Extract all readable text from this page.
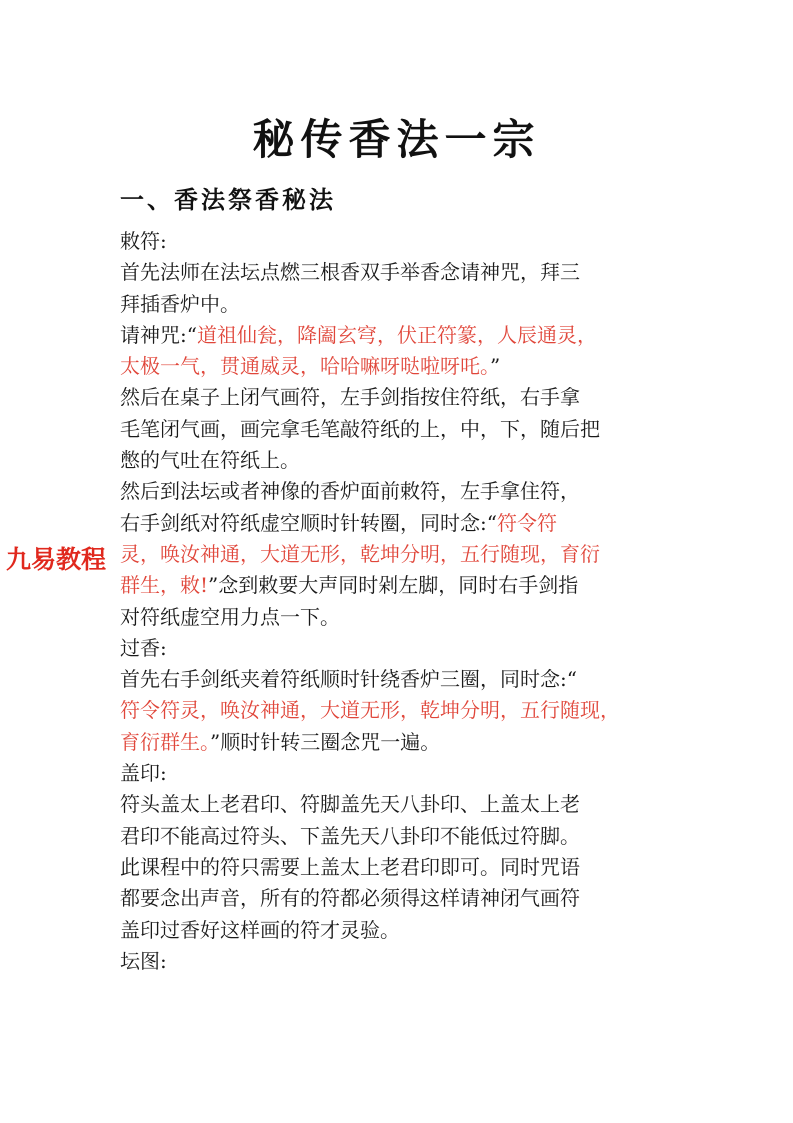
秘传香法一宗
一、香法祭香秘法

敕符:

首先法师在法坛点燃三根香双手举香念请神咒，拜三

拜插香炉中。

请神咒:“道祖仙瓮，降阖玄穹，伏正符篆，人辰通灵，

太极一气，贯通威灵，哈哈嘛呀哒啦呀吒。”

然后在桌子上闭气画符，左手剑指按住符纸，右手拿

毛笔闭气画，画完拿毛笔敲符纸的上，中，下，随后把

憋的气吐在符纸上。

然后到法坛或者神像的香炉面前敕符，左手拿住符，

右手剑纸对符纸虚空顺时针转圈，同时念:“符令符

灵，唤汝神通，大道无形，乾坤分明，五行随现，育衍

群生，敕!”念到敕要大声同时剁左脚，同时右手剑指

对符纸虚空用力点一下。

过香:

首先右手剑纸夹着符纸顺时针绕香炉三圈，同时念:“

符令符灵，唤汝神通，大道无形，乾坤分明，五行随现，

育衍群生。”顺时针转三圈念咒一遍。

盖印:

符头盖太上老君印、符脚盖先天八卦印、上盖太上老

君印不能高过符头、下盖先天八卦印不能低过符脚。

此课程中的符只需要上盖太上老君印即可。同时咒语

都要念出声音，所有的符都必须得这样请神闭气画符

盖印过香好这样画的符才灵验。

坛图:

九易教程
